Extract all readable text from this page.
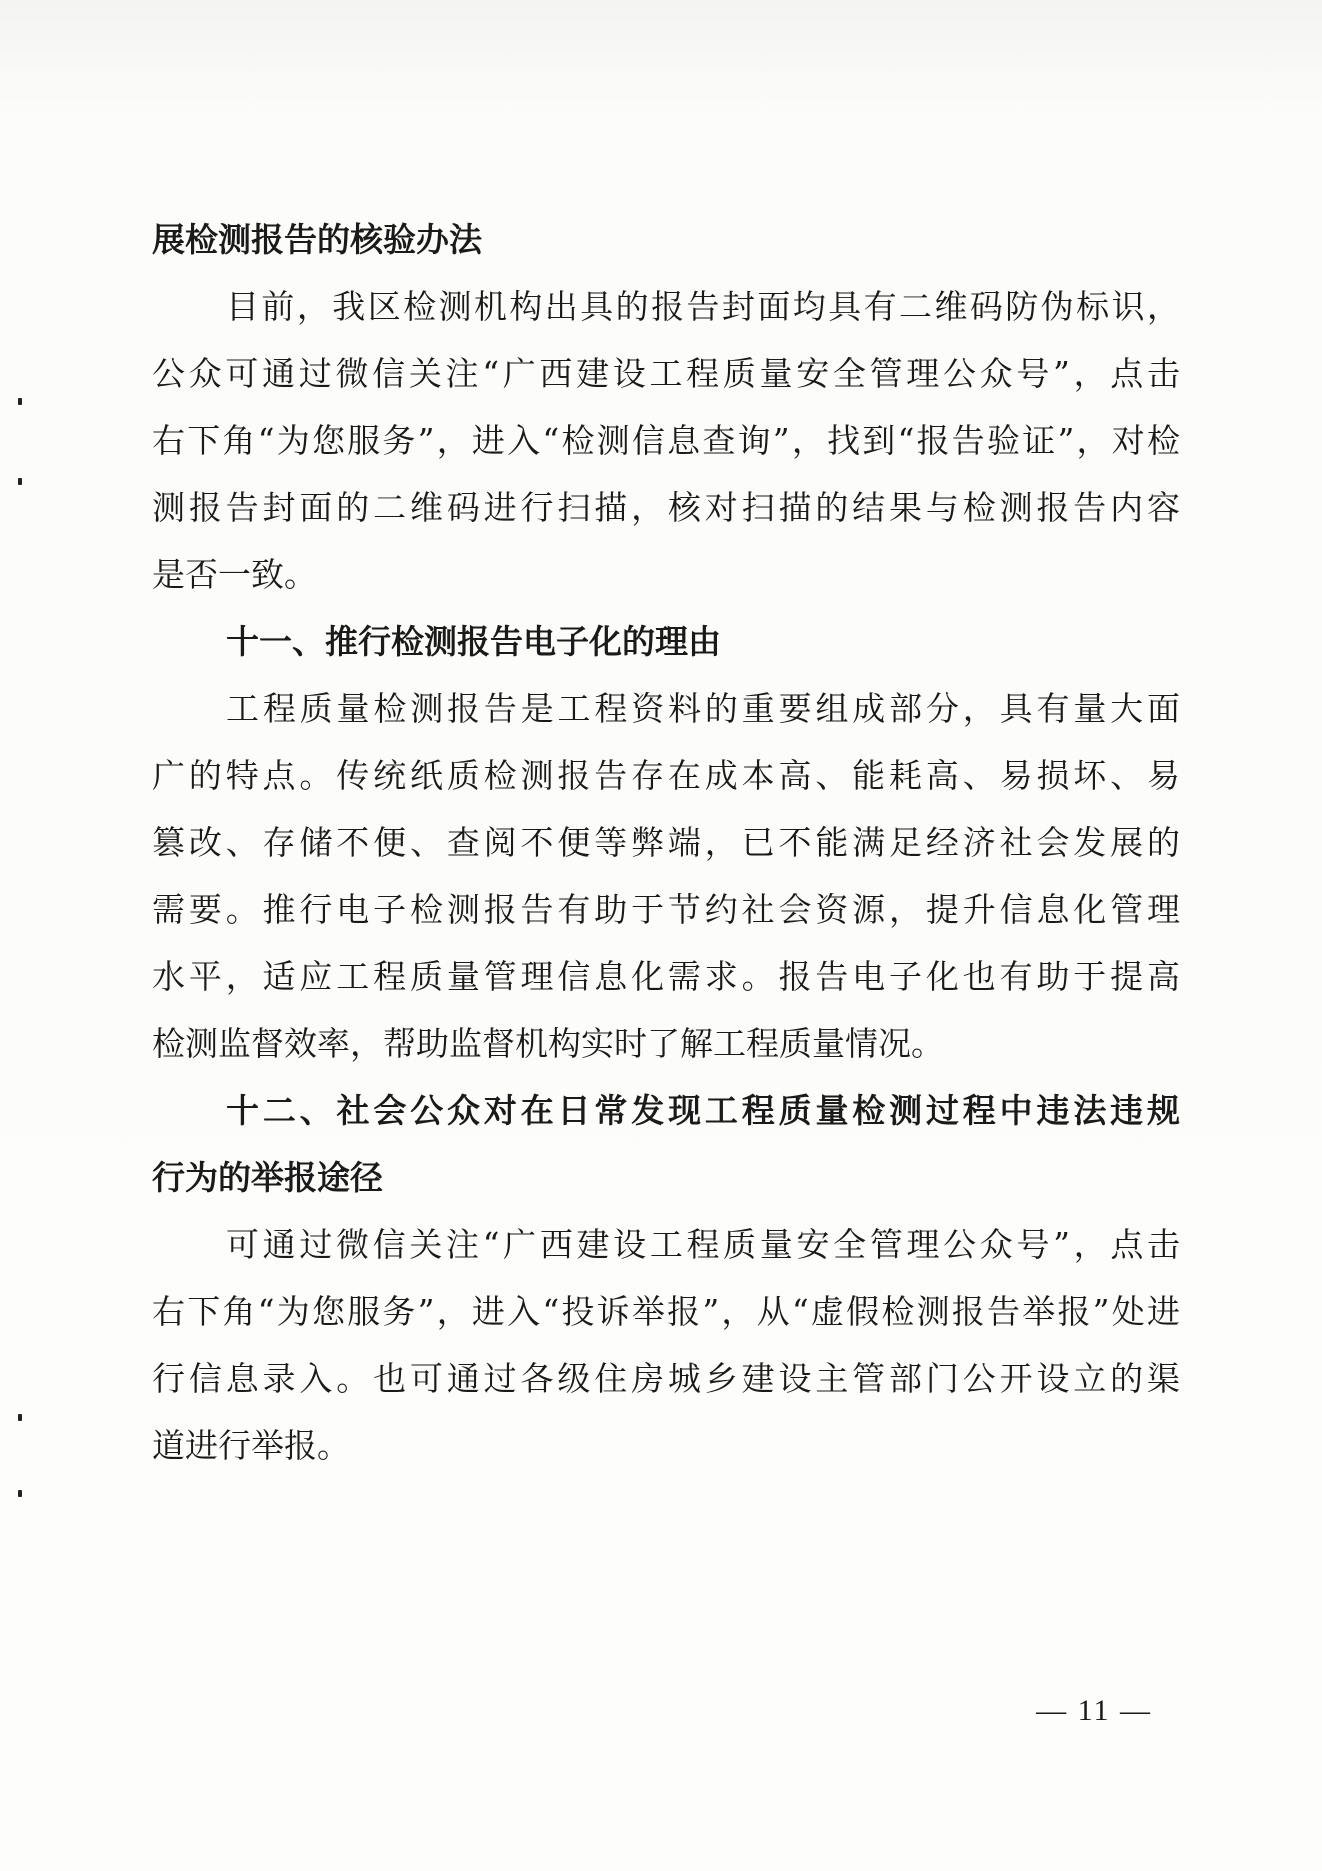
展检测报告的核验办法
目前，我区检测机构出具的报告封面均具有二维码防伪标识，
公众可通过微信关注“广西建设工程质量安全管理公众号”，点击
右下角“为您服务”，进入“检测信息查询”，找到“报告验证”，对检
测报告封面的二维码进行扫描，核对扫描的结果与检测报告内容
是否一致。
十一、推行检测报告电子化的理由
工程质量检测报告是工程资料的重要组成部分，具有量大面
广的特点。传统纸质检测报告存在成本高、能耗高、易损坏、易
篡改、存储不便、查阅不便等弊端，已不能满足经济社会发展的
需要。推行电子检测报告有助于节约社会资源，提升信息化管理
水平，适应工程质量管理信息化需求。报告电子化也有助于提高
检测监督效率，帮助监督机构实时了解工程质量情况。
十二、社会公众对在日常发现工程质量检测过程中违法违规
行为的举报途径
可通过微信关注“广西建设工程质量安全管理公众号”，点击
右下角“为您服务”，进入“投诉举报”，从“虚假检测报告举报”处进
行信息录入。也可通过各级住房城乡建设主管部门公开设立的渠
道进行举报。
— 11 —
